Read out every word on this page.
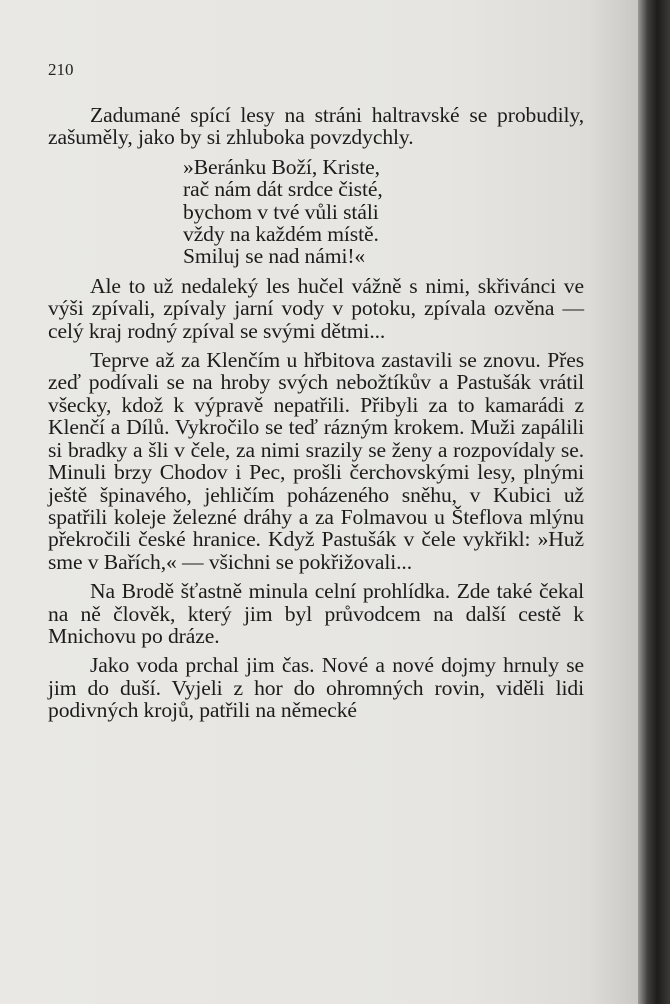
210

Zadumané spící lesy na stráni haltravské se probudily, zašuměly, jako by si zhluboka povzdychly.

»Beránku Boží, Kriste,
rač nám dát srdce čisté,
bychom v tvé vůli stáli
vždy na každém místě.
Smiluj se nad námi!«

Ale to už nedaleký les hučel vážně s nimi, skřivánci ve výši zpívali, zpívaly jarní vody v potoku, zpívala ozvěna — celý kraj rodný zpíval se svými dětmi...

Teprve až za Klenčím u hřbitova zastavili se znovu. Přes zeď podívali se na hroby svých nebožtíkův a Pastušák vrátil všecky, kdož k výpravě nepatřili. Přibyli za to kamarádi z Klenčí a Dílů. Vykročilo se teď rázným krokem. Muži zapálili si bradky a šli v čele, za nimi srazily se ženy a rozpovídaly se. Minuli brzy Chodov i Pec, prošli čerchovskými lesy, plnými ještě špinavého, jehličím poházeného sněhu, v Kubici už spatřili koleje železné dráhy a za Folmavou u Šteflova mlýnu překročili české hranice. Když Pastušák v čele vykřikl: »Huž sme v Bařích,« — všichni se pokřižovali...

Na Brodě šťastně minula celní prohlídka. Zde také čekal na ně člověk, který jim byl průvodcem na další cestě k Mnichovu po dráze.

Jako voda prchal jim čas. Nové a nové dojmy hrnuly se jim do duší. Vyjeli z hor do ohromných rovin, viděli lidi podivných krojů, patřili na německé
